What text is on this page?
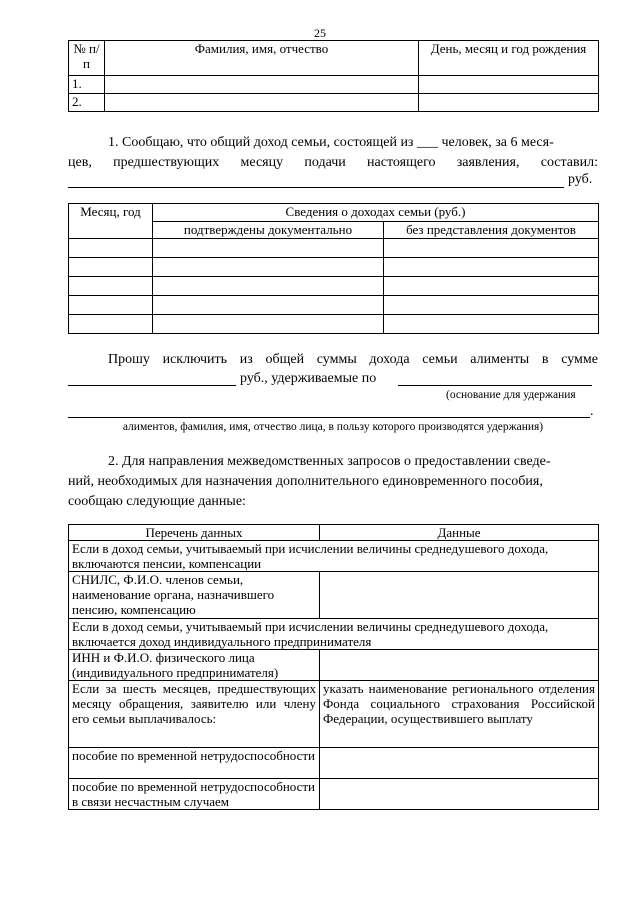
25
№ п/п	Фамилия, имя, отчество	День, месяц и год рождения
1.		
2.		
1. Сообщаю, что общий доход семьи, состоящей из ___ человек, за 6 меся-
цев, предшествующих месяцу подачи настоящего заявления, составил:
руб.
Месяц, год	Сведения о доходах семьи (руб.)	
	подтверждены документально	без представления документов

Прошу исключить из общей суммы дохода семьи алименты в сумме
руб., удерживаемые по
(основание для удержания
.
алиментов, фамилия, имя, отчество лица, в пользу которого производятся удержания)
2. Для направления межведомственных запросов о предоставлении сведе-
ний, необходимых для назначения дополнительного единовременного пособия,
сообщаю следующие данные:
Перечень данных	Данные
Если в доход семьи, учитываемый при исчислении величины среднедушевого дохода, включаются пенсии, компенсации	
СНИЛС, Ф.И.О. членов семьи, наименование органа, назначившего пенсию, компенсацию	
Если в доход семьи, учитываемый при исчислении величины среднедушевого дохода, включается доход индивидуального предпринимателя	
ИНН и Ф.И.О. физического лица (индивидуального предпринимателя)	
Если за шесть месяцев, предшествующих месяцу обращения, заявителю или члену его семьи выплачивалось:	указать наименование регионального отделения Фонда социального страхования Российской Федерации, осуществившего выплату
пособие по временной нетрудоспособности	
пособие по временной нетрудоспособности в связи несчастным случаем	
